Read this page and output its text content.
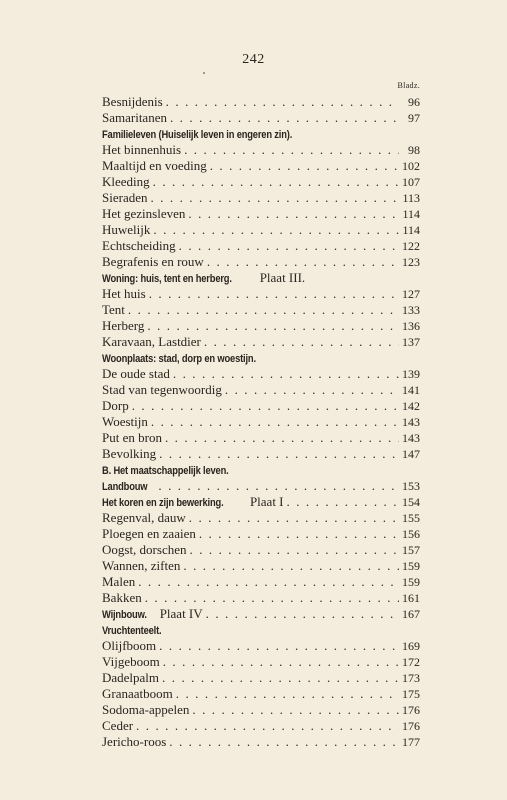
242
Bladz.
Besnijdenis . . .	96
Samaritanen . . .	97
Familieleven (Huiselijk leven in engeren zin).
Het binnenhuis . . .	98
Maaltijd en voeding . . .	102
Kleeding . . .	107
Sieraden . . .	113
Het gezinsleven . . .	114
Huwelijk . . .	114
Echtscheiding . . .	122
Begrafenis en rouw . . .	123
Woning: huis, tent en herberg. Plaat III.
Het huis . . .	127
Tent . . .	133
Herberg . . .	136
Karavaan, Lastdier . . .	137
Woonplaats: stad, dorp en woestijn.
De oude stad . . .	139
Stad van tegenwoordig . . .	141
Dorp . . .	142
Woestijn . . .	143
Put en bron . . .	143
Bevolking . . .	147
B. Het maatschappelijk leven.
Landbouw . . .	153
Het koren en zijn bewerking. Plaat I . . .	154
Regenval, dauw . . .	155
Ploegen en zaaien . . .	156
Oogst, dorschen . . .	157
Wannen, ziften . . .	159
Malen . . .	159
Bakken . . .	161
Wijnbouw. Plaat IV . . .	167
Vruchtenteelt.
Olijfboom . . .	169
Vijgeboom . . .	172
Dadelpalm . . .	173
Granaatboom . . .	175
Sodoma-appelen . . .	176
Ceder . . .	176
Jericho-roos . . .	177
